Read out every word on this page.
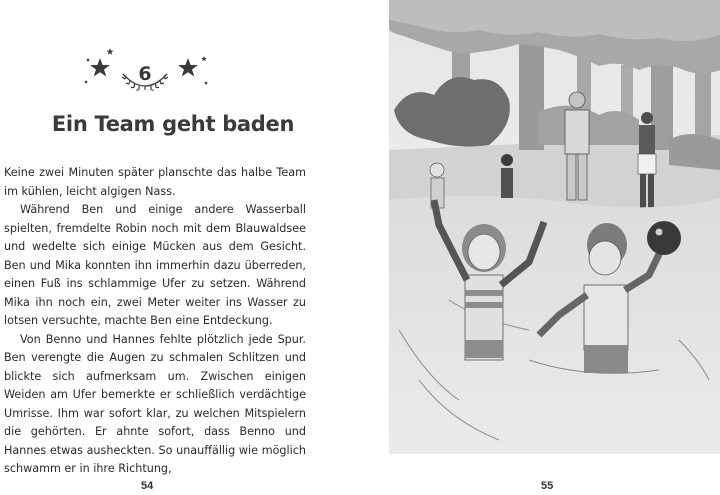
6
Ein Team geht baden

Keine zwei Minuten später planschte das halbe Team im kühlen, leicht algigen Nass.

Während Ben und einige andere Wasserball spielten, fremdelte Robin noch mit dem Blauwaldsee und wedelte sich einige Mücken aus dem Gesicht. Ben und Mika konnten ihn immerhin dazu überreden, einen Fuß ins schlammige Ufer zu setzen. Während Mika ihn noch ein, zwei Meter weiter ins Wasser zu lotsen versuchte, machte Ben eine Entdeckung.

Von Benno und Hannes fehlte plötzlich jede Spur. Ben verengte die Augen zu schmalen Schlitzen und blickte sich aufmerksam um. Zwischen einigen Weiden am Ufer bemerkte er schließlich verdächtige Umrisse. Ihm war sofort klar, zu welchen Mitspielern die gehörten. Er ahnte sofort, dass Benno und Hannes etwas ausheckten. So unauffällig wie möglich schwamm er in ihre Richtung,

54	55
